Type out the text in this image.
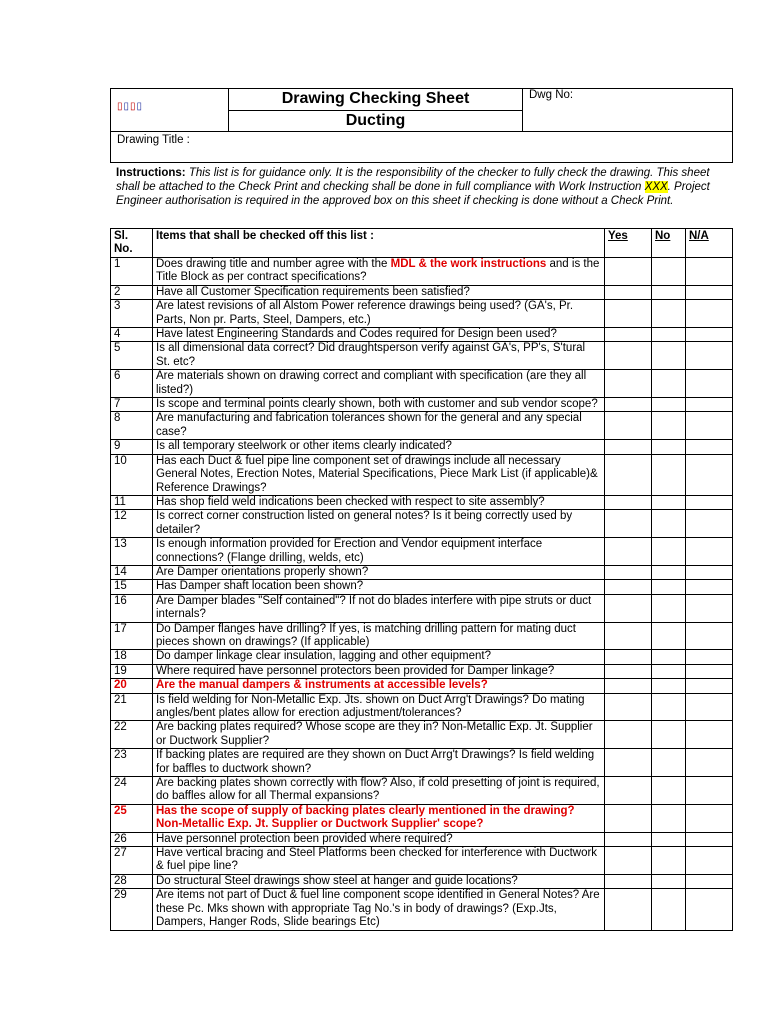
▯▯▯▯	Drawing Checking Sheet	Dwg No:
Ducting
Drawing Title :
Instructions: This list is for guidance only. It is the responsibility of the checker to fully check the drawing. This sheet shall be attached to the Check Print and checking shall be done in full compliance with Work Instruction XXX. Project Engineer authorisation is required in the approved box on this sheet if checking is done without a Check Print.
Sl. No.	Items that shall be checked off this list :	Yes	No	N/A
1	Does drawing title and number agree with the MDL & the work instructions and is the Title Block as per contract specifications?			
2	Have all Customer Specification requirements been satisfied?			
3	Are latest revisions of all Alstom Power reference drawings being used? (GA's, Pr. Parts, Non pr. Parts, Steel, Dampers, etc.)			
4	Have latest Engineering Standards and Codes required for Design been used?			
5	Is all dimensional data correct? Did draughtsperson verify against GA's, PP's, S'tural St. etc?			
6	Are materials shown on drawing correct and compliant with specification (are they all listed?)			
7	Is scope and terminal points clearly shown, both with customer and sub vendor scope?			
8	Are manufacturing and fabrication tolerances shown for the general and any special case?			
9	Is all temporary steelwork or other items clearly indicated?			
10	Has each Duct & fuel pipe line component set of drawings include all necessary General Notes, Erection Notes, Material Specifications, Piece Mark List (if applicable)& Reference Drawings?			
11	Has shop field weld indications been checked with respect to site assembly?			
12	Is correct corner construction listed on general notes? Is it being correctly used by detailer?			
13	Is enough information provided for Erection and Vendor equipment interface connections? (Flange drilling, welds, etc)			
14	Are Damper orientations properly shown?			
15	Has Damper shaft location been shown?			
16	Are Damper blades "Self contained"? If not do blades interfere with pipe struts or duct internals?			
17	Do Damper flanges have drilling? If yes, is matching drilling pattern for mating duct pieces shown on drawings? (If applicable)			
18	Do damper linkage clear insulation, lagging and other equipment?			
19	Where required have personnel protectors been provided for Damper linkage?			
20	Are the manual dampers & instruments at accessible levels?			
21	Is field welding for Non-Metallic Exp. Jts. shown on Duct Arrg't Drawings? Do mating angles/bent plates allow for erection adjustment/tolerances?			
22	Are backing plates required? Whose scope are they in? Non-Metallic Exp. Jt. Supplier or Ductwork Supplier?			
23	If backing plates are required are they shown on Duct Arrg't Drawings? Is field welding for baffles to ductwork shown?			
24	Are backing plates shown correctly with flow? Also, if cold presetting of joint is required, do baffles allow for all Thermal expansions?			
25	Has the scope of supply of backing plates clearly mentioned in the drawing? Non-Metallic Exp. Jt. Supplier or Ductwork Supplier' scope?			
26	Have personnel protection been provided where required?			
27	Have vertical bracing and Steel Platforms been checked for interference with Ductwork & fuel pipe line?			
28	Do structural Steel drawings show steel at hanger and guide locations?			
29	Are items not part of Duct & fuel line component scope identified in General Notes? Are these Pc. Mks shown with appropriate Tag No.'s in body of drawings? (Exp.Jts, Dampers, Hanger Rods, Slide bearings Etc)			
